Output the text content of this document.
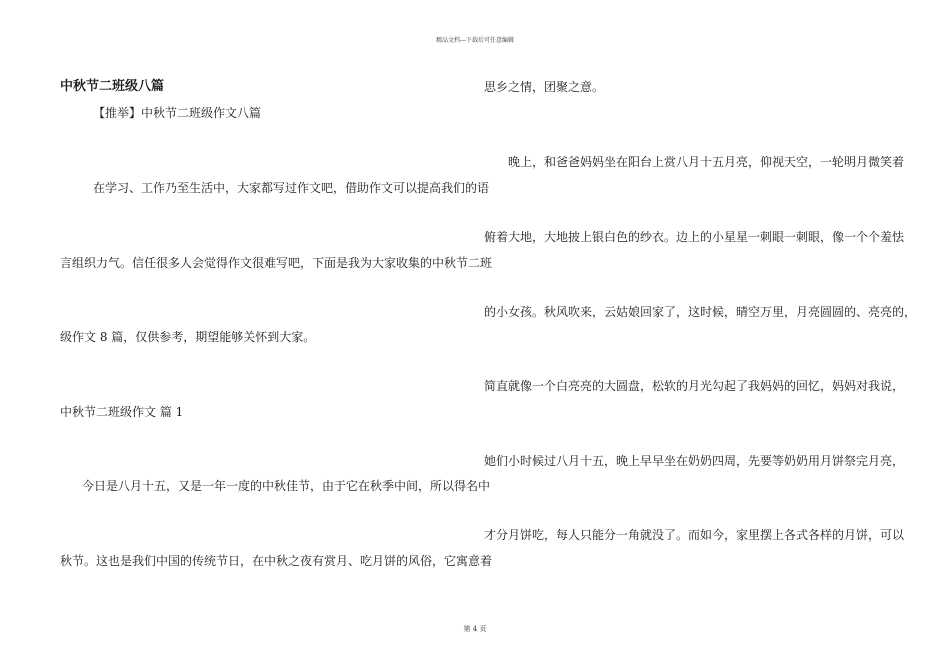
精品文档---下载后可任意编辑
中秋节二班级八篇
【推举】中秋节二班级作文八篇
在学习、工作乃至生活中，大家都写过作文吧，借助作文可以提高我们的语
言组织力气。信任很多人会觉得作文很难写吧，下面是我为大家收集的中秋节二班
级作文 8 篇，仅供参考，期望能够关怀到大家。
中秋节二班级作文 篇 1
今日是八月十五，又是一年一度的中秋佳节，由于它在秋季中间，所以得名中
秋节。这也是我们中国的传统节日，在中秋之夜有赏月、吃月饼的风俗，它寓意着
思乡之情，团聚之意。
晚上，和爸爸妈妈坐在阳台上赏八月十五月亮，仰视天空，一轮明月微笑着
俯着大地，大地披上银白色的纱衣。边上的小星星一刺眼一刺眼，像一个个羞怯
的小女孩。秋风吹来，云姑娘回家了，这时候，晴空万里，月亮圆圆的、亮亮的，
简直就像一个白亮亮的大圆盘，松软的月光勾起了我妈妈的回忆，妈妈对我说，
她们小时候过八月十五，晚上早早坐在奶奶四周，先要等奶奶用月饼祭完月亮，
才分月饼吃，每人只能分一角就没了。而如今，家里摆上各式各样的月饼，可以
第 4 页
